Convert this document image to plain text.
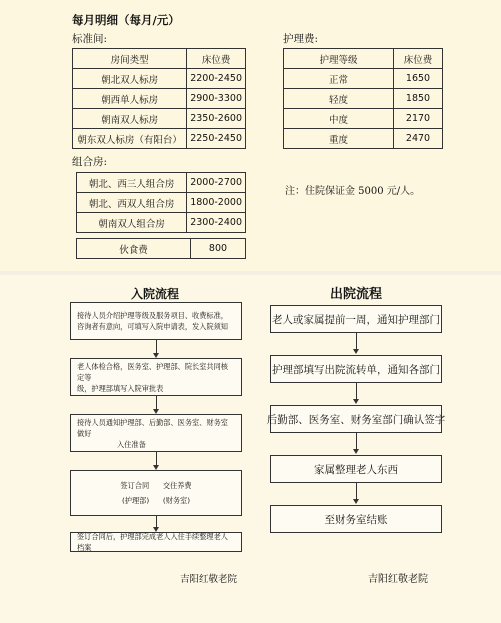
每月明细（每月/元）
标准间:
房间类型	床位费
朝北双人标房	2200-2450
朝西单人标房	2900-3300
朝南双人标房	2350-2600
朝东双人标房（有阳台）	2250-2450
护理费:
护理等级	床位费
正常	1650
轻度	1850
中度	2170
重度	2470
组合房:
朝北、西三人组合房	2000-2700
朝北、西双人组合房	1800-2000
朝南双人组合房	2300-2400
伙食费	800
注：住院保证金 5000 元/人。
入院流程
接待人员介绍护理等级及服务项目、收费标准，
咨询者有意向，可填写入院申请表，发入院须知
老人体检合格，医务室、护理部、院长室共同核定等
级，护理部填写入院审批表
接待人员通知护理部、后勤部、医务室、财务室做好
入住准备
签订合同      交住养费
(护理部)      (财务室)
签订合同后，护理部完成老人入住手续整理老人档案
吉阳红敬老院
出院流程
老人或家属提前一周，通知护理部门
护理部填写出院流转单，通知各部门
后勤部、医务室、财务室部门确认签字
家属整理老人东西
至财务室结账
吉阳红敬老院
